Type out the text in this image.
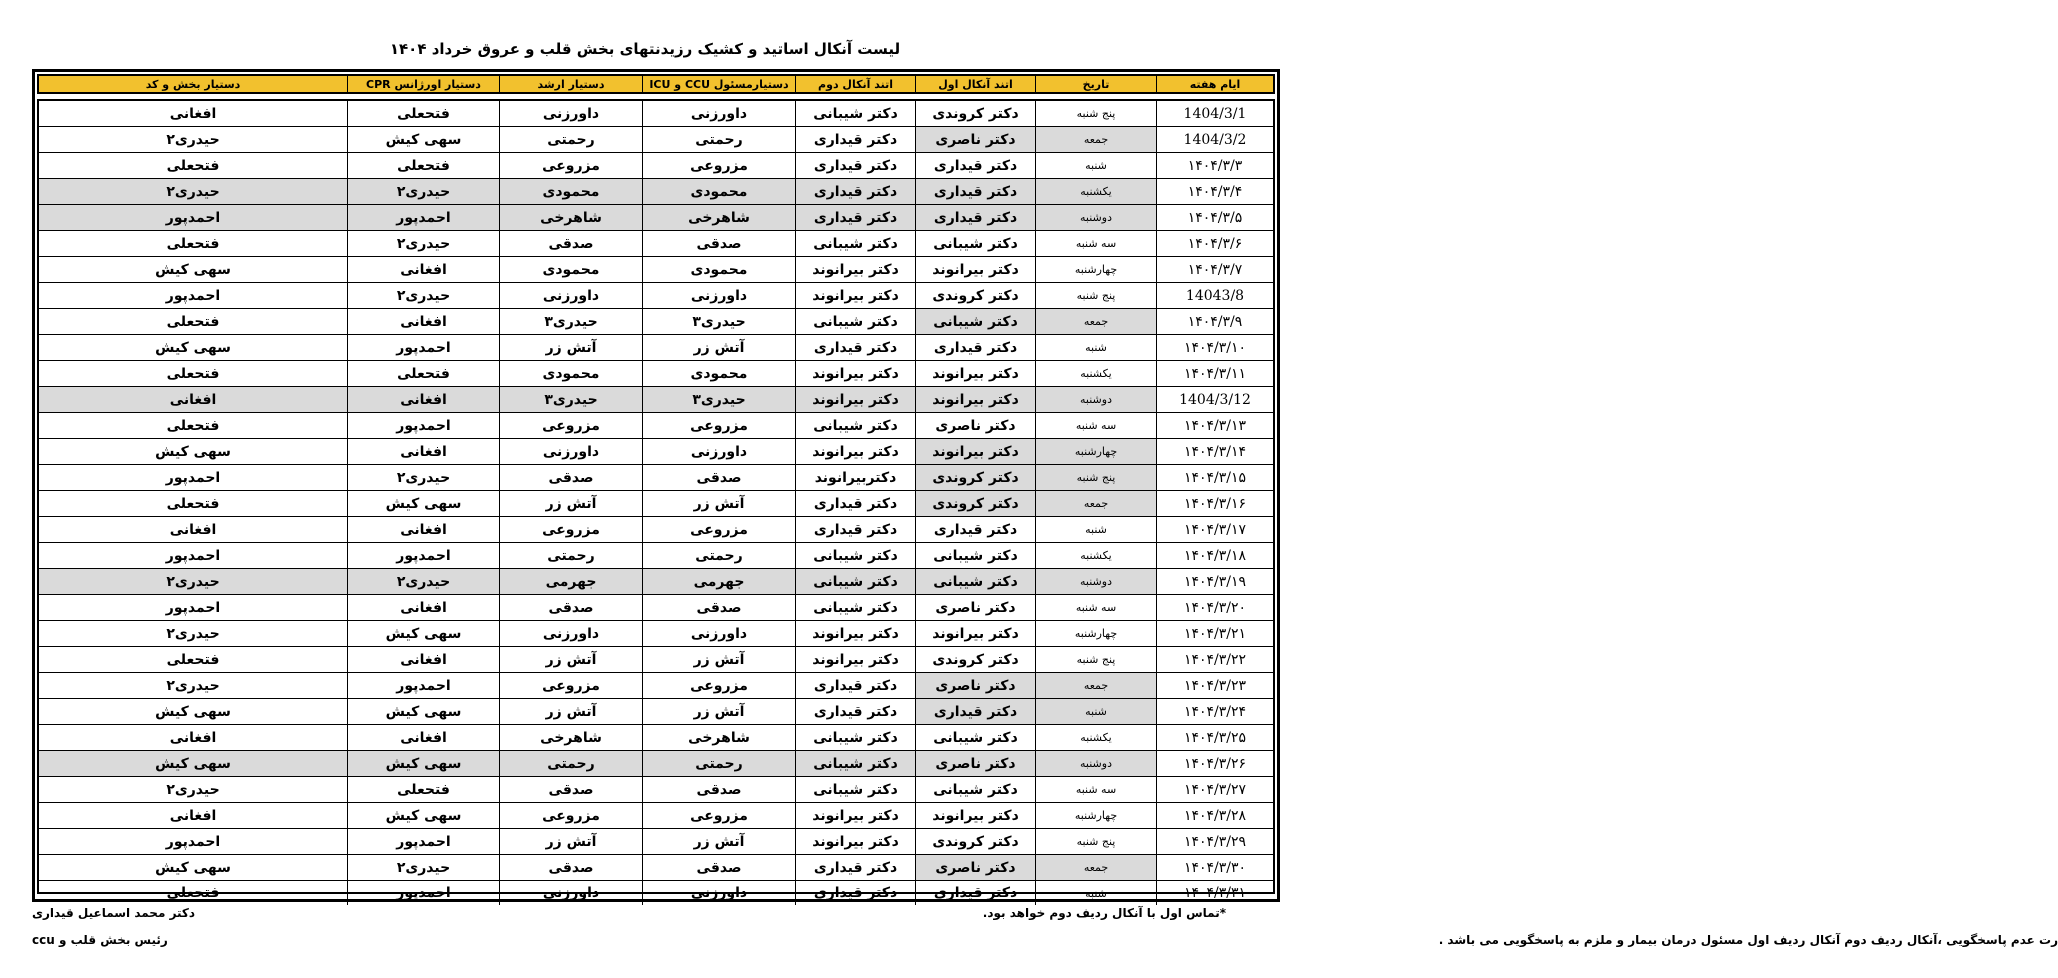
لیست آنکال اساتید و کشیک رزیدنتهای بخش قلب و عروق خرداد ۱۴۰۴
ایام هفته
تاریخ
اتند آنکال اول
اتند آنکال دوم
دستیارمسئول CCU و ICU
دستیار ارشد
دستیار اورژانس CPR
دستیار بخش و کد
1404/3/1
پنج شنبه
دکتر کروندی
دکتر شیبانی
داورزنی
داورزنی
فتحعلی
افغانی
1404/3/2
جمعه
دکتر ناصری
دکتر قیداری
رحمتی
رحمتی
سهی کیش
حیدری۲
۱۴۰۴/۳/۳
شنبه
دکتر قیداری
دکتر قیداری
مزروعی
مزروعی
فتحعلی
فتحعلی
۱۴۰۴/۳/۴
یکشنبه
دکتر قیداری
دکتر قیداری
محمودی
محمودی
حیدری۲
حیدری۲
۱۴۰۴/۳/۵
دوشنبه
دکتر قیداری
دکتر قیداری
شاهرخی
شاهرخی
احمدپور
احمدپور
۱۴۰۴/۳/۶
سه شنبه
دکتر شیبانی
دکتر شیبانی
صدقی
صدقی
حیدری۲
فتحعلی
۱۴۰۴/۳/۷
چهارشنبه
دکتر بیرانوند
دکتر بیرانوند
محمودی
محمودی
افغانی
سهی کیش
14043/8
پنج شنبه
دکتر کروندی
دکتر بیرانوند
داورزنی
داورزنی
حیدری۲
احمدپور
۱۴۰۴/۳/۹
جمعه
دکتر شیبانی
دکتر شیبانی
حیدری۳
حیدری۳
افغانی
فتحعلی
۱۴۰۴/۳/۱۰
شنبه
دکتر قیداری
دکتر قیداری
آتش زر
آتش زر
احمدپور
سهی کیش
۱۴۰۴/۳/۱۱
یکشنبه
دکتر بیرانوند
دکتر بیرانوند
محمودی
محمودی
فتحعلی
فتحعلی
1404/3/12
دوشنبه
دکتر بیرانوند
دکتر بیرانوند
حیدری۳
حیدری۳
افغانی
افغانی
۱۴۰۴/۳/۱۳
سه شنبه
دکتر ناصری
دکتر شیبانی
مزروعی
مزروعی
احمدپور
فتحعلی
۱۴۰۴/۳/۱۴
چهارشنبه
دکتر بیرانوند
دکتر بیرانوند
داورزنی
داورزنی
افغانی
سهی کیش
۱۴۰۴/۳/۱۵
پنج شنبه
دکتر کروندی
دکتربیرانوند
صدقی
صدقی
حیدری۲
احمدپور
۱۴۰۴/۳/۱۶
جمعه
دکتر کروندی
دکتر قیداری
آتش زر
آتش زر
سهی کیش
فتحعلی
۱۴۰۴/۳/۱۷
شنبه
دکتر قیداری
دکتر قیداری
مزروعی
مزروعی
افغانی
افغانی
۱۴۰۴/۳/۱۸
یکشنبه
دکتر شیبانی
دکتر شیبانی
رحمتی
رحمتی
احمدپور
احمدپور
۱۴۰۴/۳/۱۹
دوشنبه
دکتر شیبانی
دکتر شیبانی
جهرمی
جهرمی
حیدری۲
حیدری۲
۱۴۰۴/۳/۲۰
سه شنبه
دکتر ناصری
دکتر شیبانی
صدقی
صدقی
افغانی
احمدپور
۱۴۰۴/۳/۲۱
چهارشنبه
دکتر بیرانوند
دکتر بیرانوند
داورزنی
داورزنی
سهی کیش
حیدری۲
۱۴۰۴/۳/۲۲
پنج شنبه
دکتر کروندی
دکتر بیرانوند
آتش زر
آتش زر
افغانی
فتحعلی
۱۴۰۴/۳/۲۳
جمعه
دکتر ناصری
دکتر قیداری
مزروعی
مزروعی
احمدپور
حیدری۲
۱۴۰۴/۳/۲۴
شنبه
دکتر قیداری
دکتر قیداری
آتش زر
آتش زر
سهی کیش
سهی کیش
۱۴۰۴/۳/۲۵
یکشنبه
دکتر شیبانی
دکتر شیبانی
شاهرخی
شاهرخی
افغانی
افغانی
۱۴۰۴/۳/۲۶
دوشنبه
دکتر ناصری
دکتر شیبانی
رحمتی
رحمتی
سهی کیش
سهی کیش
۱۴۰۴/۳/۲۷
سه شنبه
دکتر شیبانی
دکتر شیبانی
صدقی
صدقی
فتحعلی
حیدری۲
۱۴۰۴/۳/۲۸
چهارشنبه
دکتر بیرانوند
دکتر بیرانوند
مزروعی
مزروعی
سهی کیش
افغانی
۱۴۰۴/۳/۲۹
پنج شنبه
دکتر کروندی
دکتر بیرانوند
آتش زر
آتش زر
احمدپور
احمدپور
۱۴۰۴/۳/۳۰
جمعه
دکتر ناصری
دکتر قیداری
صدقی
صدقی
حیدری۲
سهی کیش
۱۴۰۴/۳/۳۱
شنبه
دکتر قیداری
دکتر قیداری
داورزنی
داورزنی
احمدپور
فتحعلی
*تماس اول با آنکال ردیف دوم خواهد بود.
رت عدم پاسخگویی ،آنکال ردیف دوم آنکال ردیف اول مسئول درمان بیمار و ملزم به پاسخگویی می باشد .
دکتر محمد اسماعیل قیداری
رئیس بخش قلب و ccu
